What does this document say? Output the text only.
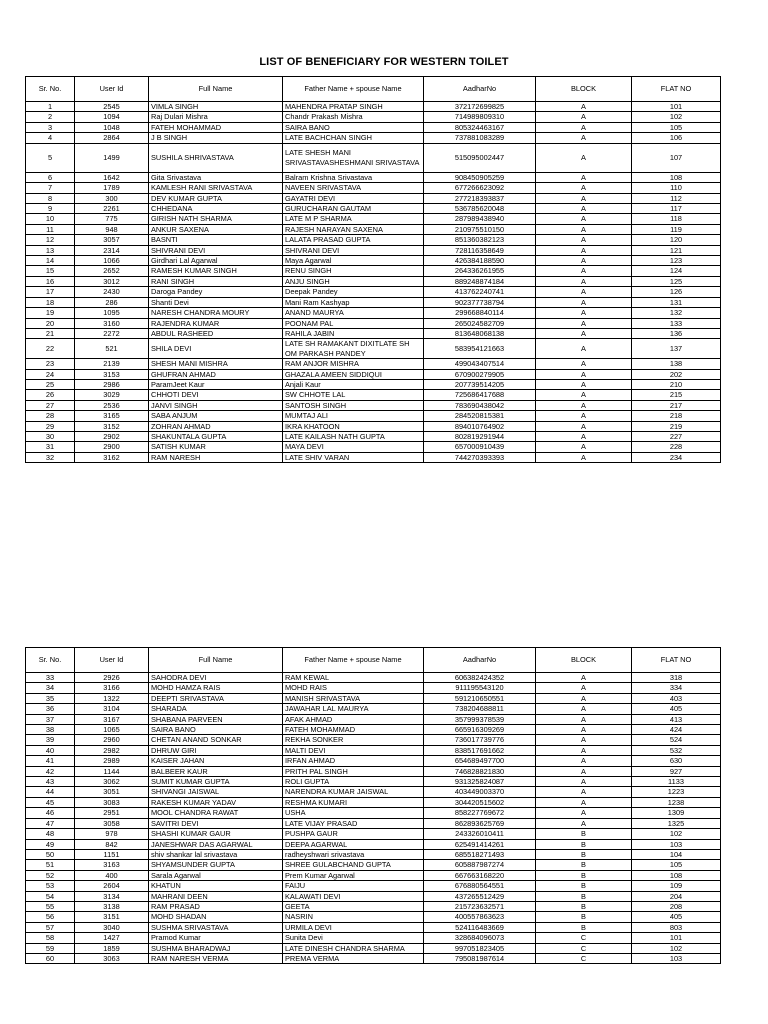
LIST OF BENEFICIARY FOR WESTERN TOILET
Sr. No.	User Id	Full Name	Father Name + spouse Name	AadharNo	BLOCK	FLAT NO
1	2545	VIMLA SINGH	MAHENDRA PRATAP SINGH	372172699825	A	101
2	1094	Raj Dulari Mishra	Chandr Prakash Mishra	714989809310	A	102
3	1048	FATEH MOHAMMAD	SAIRA BANO	805324463167	A	105
4	2864	J B SINGH	LATE BACHCHAN SINGH	737881083289	A	106
5	1499	SUSHILA SHRIVASTAVA	LATE SHESH MANI SRIVASTAVASHESHMANI SRIVASTAVA	515095002447	A	107
6	1642	Gita Srivastava	Balram Krishna Srivastava	908450905259	A	108
7	1789	KAMLESH RANI SRIVASTAVA	NAVEEN SRIVASTAVA	677266623092	A	110
8	300	DEV KUMAR GUPTA	GAYATRI DEVI	277218393837	A	112
9	2261	CHHEDANA	GURUCHARAN GAUTAM	536785620048	A	117
10	775	GIRISH NATH SHARMA	LATE M P SHARMA	287989438940	A	118
11	948	ANKUR SAXENA	RAJESH NARAYAN SAXENA	210975510150	A	119
12	3057	BASNTI	LALATA PRASAD GUPTA	851360382123	A	120
13	2314	SHIVRANI DEVI	SHIVRANI DEVI	728116358649	A	121
14	1066	Girdhari Lal Agarwal	Maya Agarwal	426384188590	A	123
15	2652	RAMESH KUMAR SINGH	RENU SINGH	264336261955	A	124
16	3012	RANI SINGH	ANJU SINGH	889248874184	A	125
17	2430	Daroga Pandey	Deepak Pandey	413762240741	A	126
18	286	Shanti Devi	Mani Ram Kashyap	902377738794	A	131
19	1095	NARESH CHANDRA MOURY	ANAND MAURYA	299668840114	A	132
20	3160	RAJENDRA KUMAR	POONAM PAL	265024582709	A	133
21	2272	ABDUL RASHEED	RAHILA JABIN	813648068138	A	136
22	521	SHILA DEVI	LATE SH RAMAKANT DIXITLATE SH OM PARKASH PANDEY	583954121663	A	137
23	2139	SHESH MANI MISHRA	RAM ANJOR MISHRA	499043407514	A	138
24	3153	GHUFRAN AHMAD	GHAZALA AMEEN SIDDIQUI	670900279905	A	202
25	2986	ParamJeet Kaur	Anjali Kaur	207739514205	A	210
26	3029	CHHOTI DEVI	SW CHHOTE LAL	725686417688	A	215
27	2536	JANVI SINGH	SANTOSH SINGH	783690438042	A	217
28	3165	SABA ANJUM	MUMTAJ ALI	284520815381	A	218
29	3152	ZOHRAN AHMAD	IKRA KHATOON	894010764902	A	219
30	2902	SHAKUNTALA GUPTA	LATE KAILASH NATH GUPTA	802819291944	A	227
31	2900	SATISH KUMAR	MAYA DEVI	657000910439	A	228
32	3162	RAM NARESH	LATE SHIV VARAN	744270393393	A	234
Sr. No.	User Id	Full Name	Father Name + spouse Name	AadharNo	BLOCK	FLAT NO
33	2926	SAHODRA DEVI	RAM KEWAL	606382424352	A	318
34	3166	MOHD HAMZA RAIS	MOHD RAIS	911195543120	A	334
35	1322	DEEPTI SRIVASTAVA	MANISH SRIVASTAVA	591210650551	A	403
36	3104	SHARADA	JAWAHAR LAL MAURYA	738204688811	A	405
37	3167	SHABANA PARVEEN	AFAK AHMAD	357999378539	A	413
38	1065	SAIRA BANO	FATEH MOHAMMAD	665916309269	A	424
39	2960	CHETAN ANAND SONKAR	REKHA SONKER	736017739776	A	524
40	2982	DHRUW GIRI	MALTI DEVI	838517691662	A	532
41	2989	KAISER JAHAN	IRFAN AHMAD	654689497700	A	630
42	1144	BALBEER KAUR	PRITH PAL SINGH	746828821830	A	927
43	3062	SUMIT KUMAR GUPTA	ROLI GUPTA	931325824087	A	1133
44	3051	SHIVANGI JAISWAL	NARENDRA KUMAR JAISWAL	403449003370	A	1223
45	3083	RAKESH KUMAR YADAV	RESHMA KUMARI	304420515602	A	1238
46	2951	MOOL CHANDRA RAWAT	USHA	858227769672	A	1309
47	3058	SAVITRI DEVI	LATE VIJAY PRASAD	862893625769	A	1325
48	978	SHASHI KUMAR GAUR	PUSHPA GAUR	243326010411	B	102
49	842	JANESHWAR DAS AGARWAL	DEEPA AGARWAL	625491414261	B	103
50	1151	shiv shankar lal srivastava	radheyshwari srivastava	685518271493	B	104
51	3163	SHYAMSUNDER GUPTA	SHREE GULABCHAND GUPTA	605887987274	B	105
52	400	Sarala Agarwal	Prem Kumar Agarwal	667663168220	B	108
53	2604	KHATUN	FAIJU	676880564551	B	109
54	3134	MAHRANI DEEN	KALAWATI DEVI	437265512429	B	204
55	3138	RAM PRASAD	GEETA	215723632571	B	208
56	3151	MOHD SHADAN	NASRIN	400557863623	B	405
57	3040	SUSHMA SRIVASTAVA	URMILA DEVI	524116483669	B	803
58	1427	Pramod Kumar	Sunita Devi	328684096073	C	101
59	1859	SUSHMA BHARADWAJ	LATE DINESH CHANDRA SHARMA	997051823405	C	102
60	3063	RAM NARESH VERMA	PREMA VERMA	795081987614	C	103
